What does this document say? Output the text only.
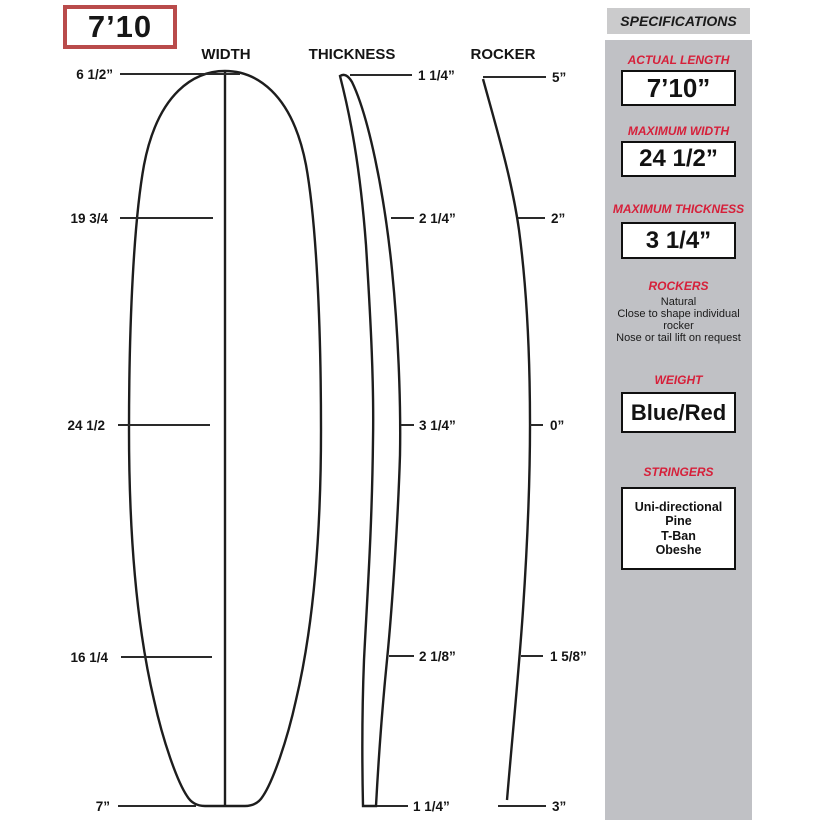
7’10
WIDTH	THICKNESS	ROCKER
6 1/2”
19 3/4
24 1/2
16 1/4
7”
1 1/4”
2 1/4”
3 1/4”
2 1/8”
1 1/4”
5”
2”
0”
1 5/8”
3”
SPECIFICATIONS
ACTUAL LENGTH
7’10”
MAXIMUM WIDTH
24 1/2”
MAXIMUM THICKNESS
3 1/4”
ROCKERS
Natural
Close to shape individual
rocker
Nose or tail lift on request
WEIGHT
Blue/Red
STRINGERS
Uni-directional
Pine
T-Ban
Obeshe
